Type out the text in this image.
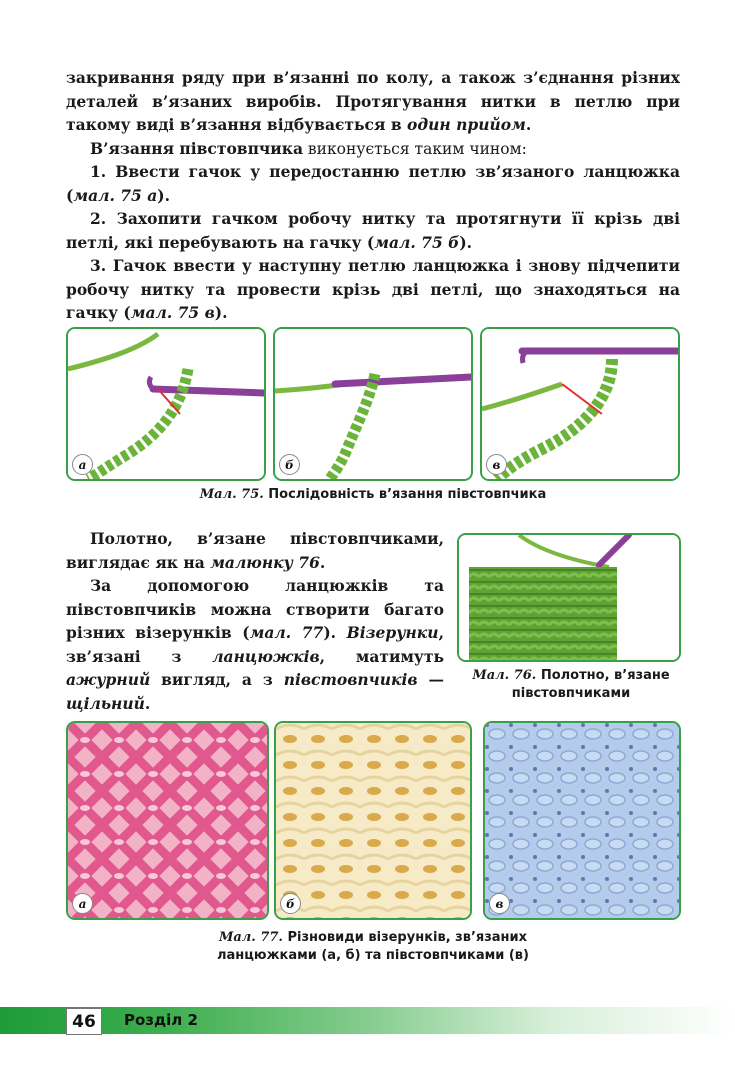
закривання ряду при в’язанні по колу, а також з’єднання різних деталей в’язаних виробів. Протягування нитки в петлю при такому виді в’язання відбувається в один прийом.

В’язання півстовпчика виконується таким чином:

1. Ввести гачок у передостанню петлю зв’язаного ланцюжка (мал. 75 а).

2. Захопити гачком робочу нитку та протягнути її крізь дві петлі, які перебувають на гачку (мал. 75 б).

3. Гачок ввести у наступну петлю ланцюжка і знову підчепити робочу нитку та провести крізь дві петлі, що знаходяться на гачку (мал. 75 в).

а	б	в
Мал. 75. Послідовність в’язання півстовпчика

Полотно, в’язане півстовпчиками, виглядає як на малюнку 76.

За допомогою ланцюжків та півстовпчиків можна створити багато різних візерунків (мал. 77). Візерунки, зв’язані з ланцюжків, матимуть ажурний вигляд, а з півстовпчиків — щільний.

Мал. 76. Полотно, в’язане
півстовпчиками
а	б	в
Мал. 77. Різновиди візерунків, зв’язаних
ланцюжками (а, б) та півстовпчиками (в)
46	Розділ 2
